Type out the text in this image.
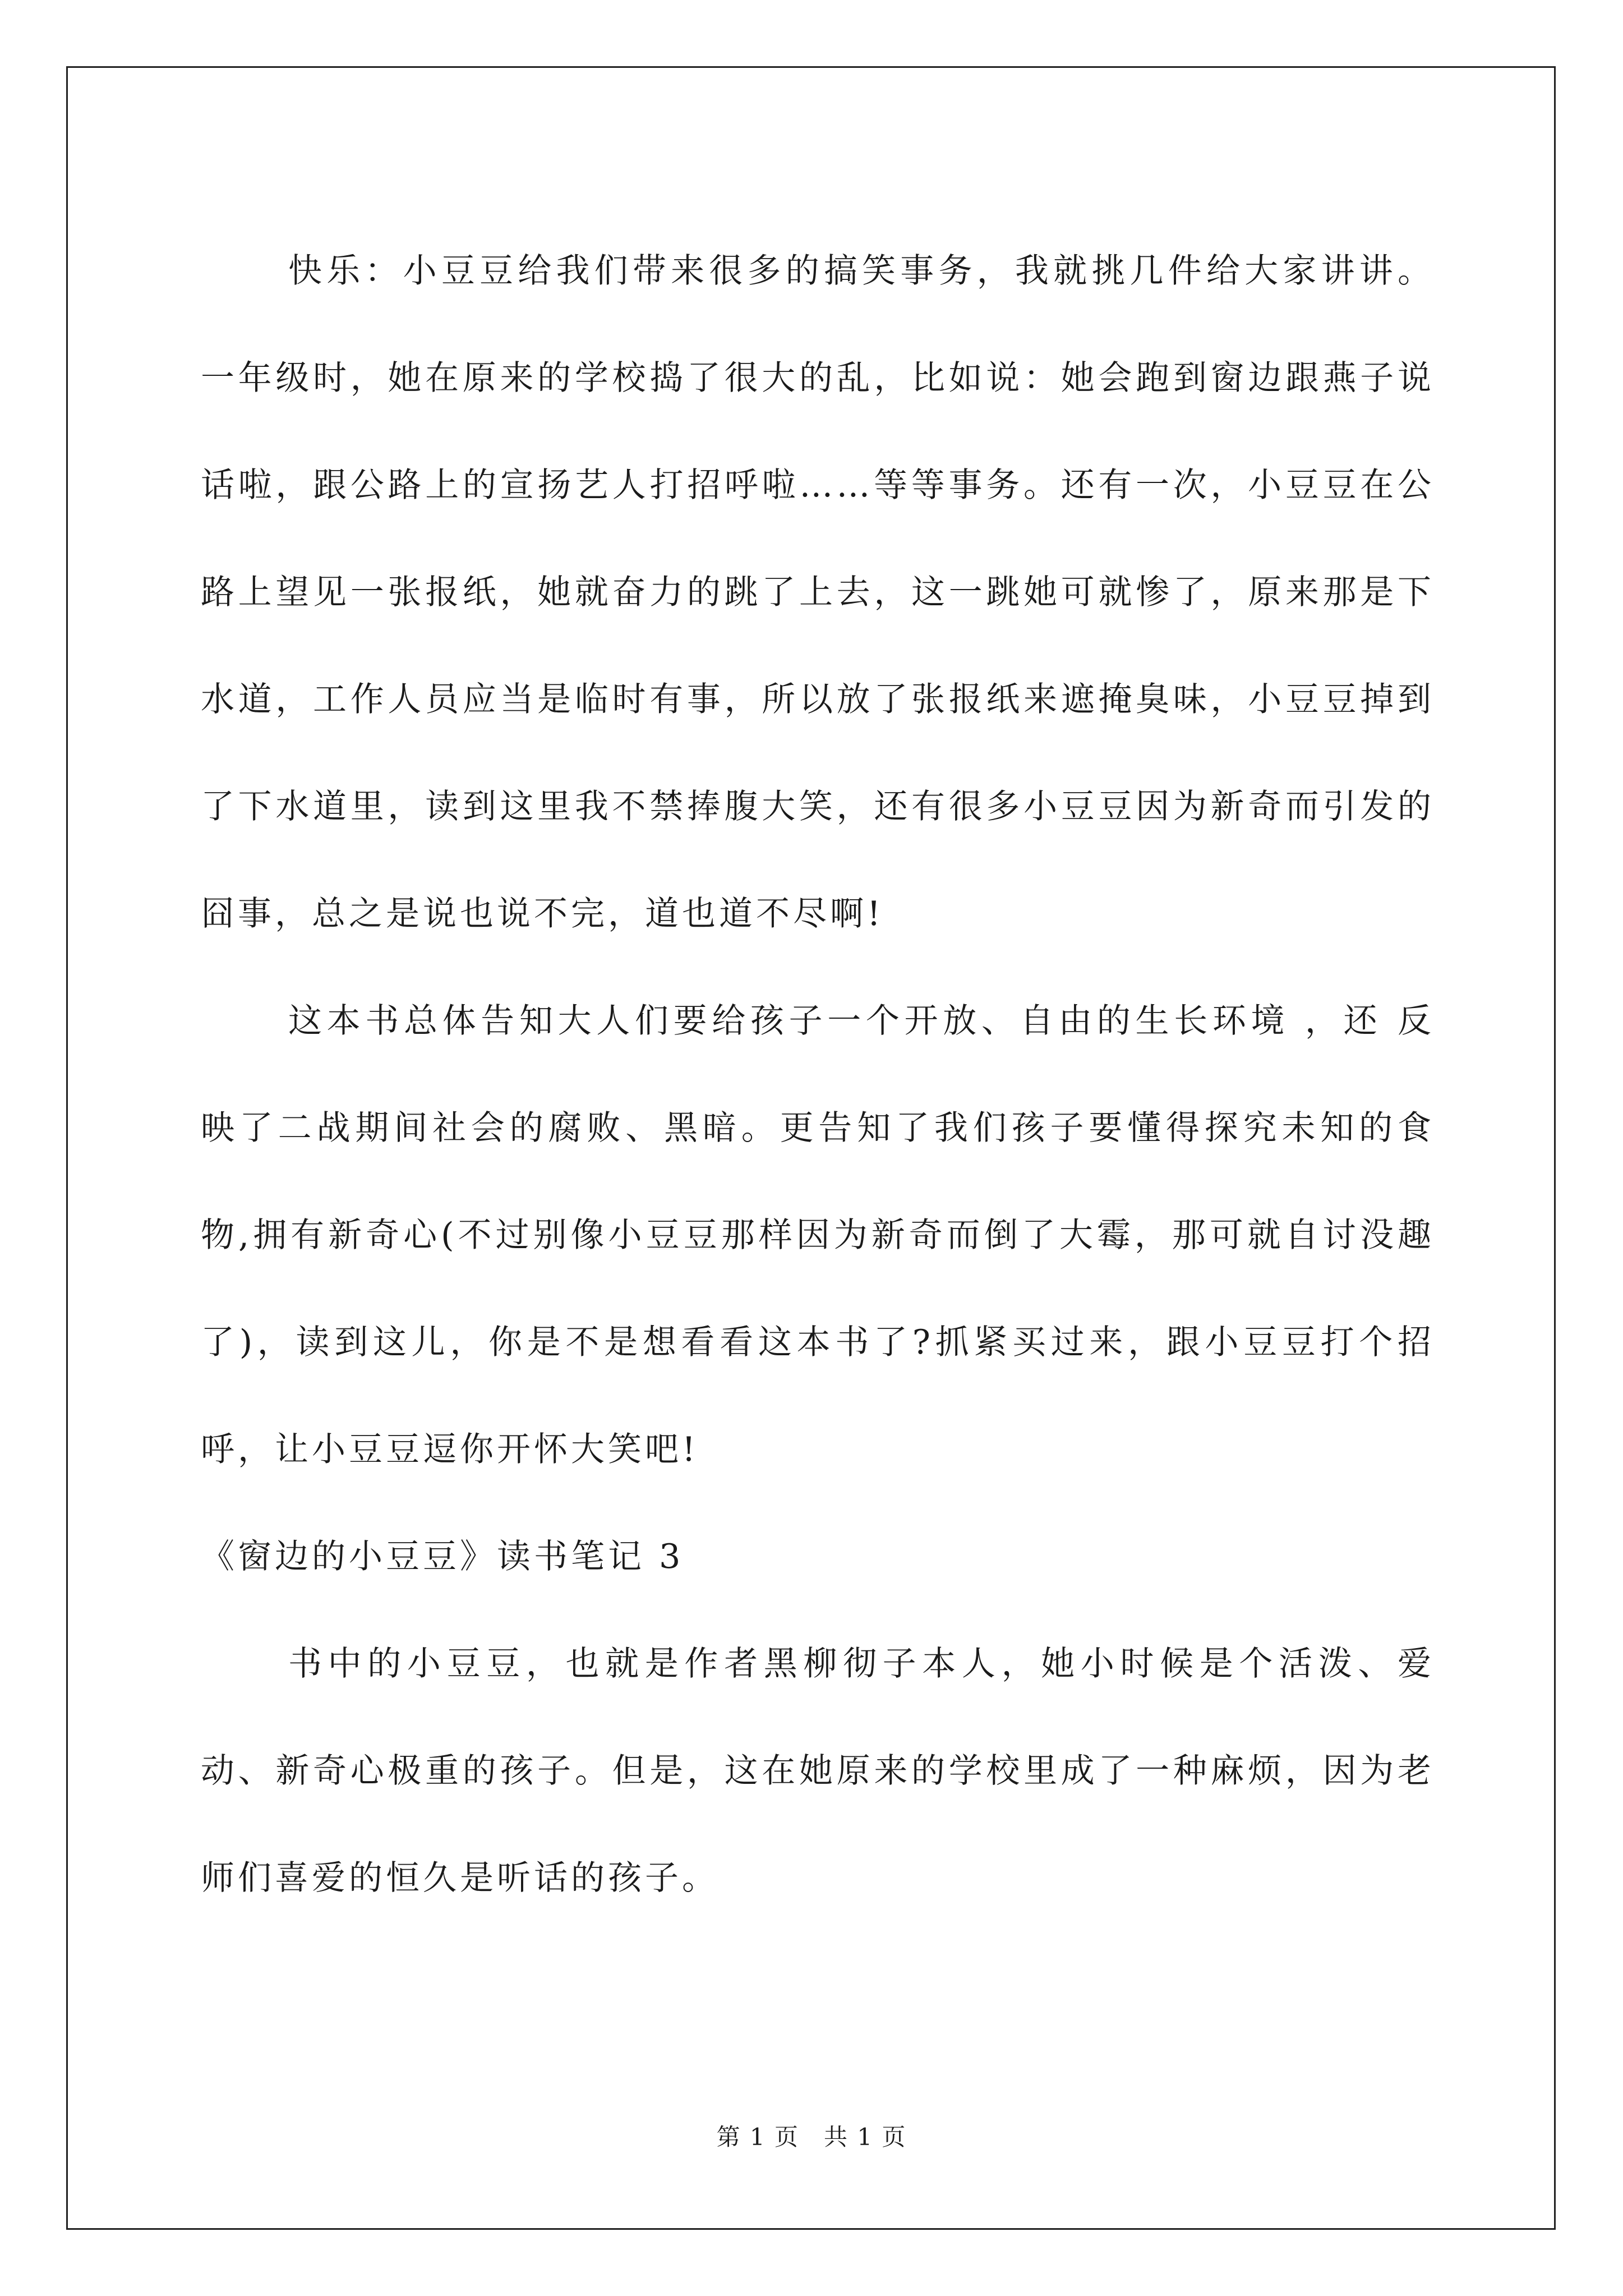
快乐：小豆豆给我们带来很多的搞笑事务，我就挑几件给大家讲讲。一年级时，她在原来的学校捣了很大的乱，比如说：她会跑到窗边跟燕子说话啦，跟公路上的宣扬艺人打招呼啦……等等事务。还有一次，小豆豆在公路上望见一张报纸，她就奋力的跳了上去，这一跳她可就惨了，原来那是下水道，工作人员应当是临时有事，所以放了张报纸来遮掩臭味，小豆豆掉到了下水道里，读到这里我不禁捧腹大笑，还有很多小豆豆因为新奇而引发的囧事，总之是说也说不完，道也道不尽啊!

这本书总体告知大人们要给孩子一个开放、自由的生长环境 ，还 反 映了二战期间社会的腐败、黑暗。更告知了我们孩子要懂得探究未知的食物,拥有新奇心(不过别像小豆豆那样因为新奇而倒了大霉，那可就自讨没趣了)，读到这儿，你是不是想看看这本书了?抓紧买过来，跟小豆豆打个招呼，让小豆豆逗你开怀大笑吧!

《窗边的小豆豆》读书笔记 3

书中的小豆豆，也就是作者黑柳彻子本人，她小时候是个活泼、爱动、新奇心极重的孩子。但是，这在她原来的学校里成了一种麻烦，因为老师们喜爱的恒久是听话的孩子。

第 1 页　共 1 页
